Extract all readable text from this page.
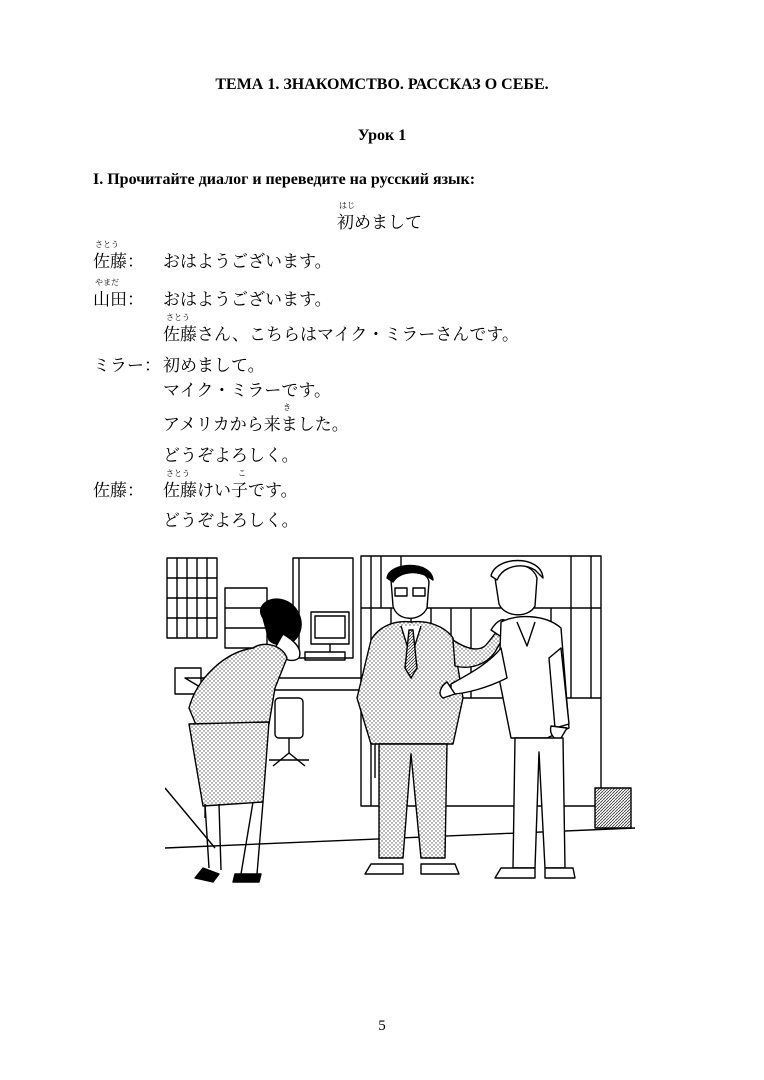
ТЕМА 1. ЗНАКОМСТВО. РАССКАЗ О СЕБЕ.
Урок 1
I. Прочитайте диалог и переведите на русский язык:
はじ
初めまして
さとう
佐藤： おはようございます。
やまだ
山田： おはようございます。
さとう
佐藤さん、こちらはマイク・ミラーさんです。
ミラー： 初めまして。
マイク・ミラーです。
き
アメリカから来ました。
どうぞよろしく。
さとう	こ
佐藤： 佐藤けい子です。
どうぞよろしく。
5
